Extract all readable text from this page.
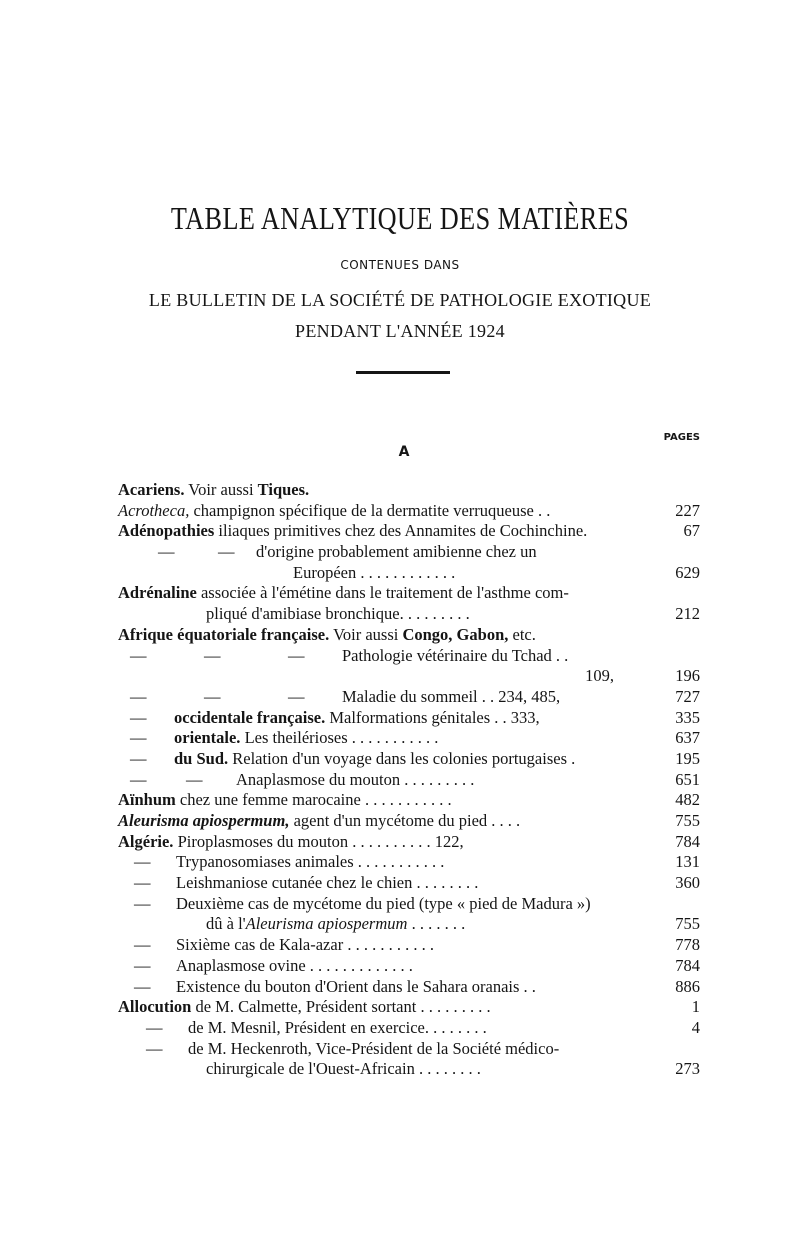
TABLE ANALYTIQUE DES MATIÈRES
CONTENUES DANS
LE BULLETIN DE LA SOCIÉTÉ DE PATHOLOGIE EXOTIQUE
PENDANT L'ANNÉE 1924
PAGES
A
Acariens. Voir aussi Tiques.
Acrotheca, champignon spécifique de la dermatite verruqueuse . .	227
Adénopathies iliaques primitives chez des Annamites de Cochinchine.	67
—	— d'origine probablement amibienne chez un
Européen . . . . . . . . . . . .	629
Adrénaline associée à l'émétine dans le traitement de l'asthme com-
pliqué d'amibiase bronchique. . . . . . . . .	212
Afrique équatoriale française. Voir aussi Congo, Gabon, etc.
—	—	— Pathologie vétérinaire du Tchad . .
109,	196
—	—	— Maladie du sommeil . . 234, 485,	727
— occidentale française. Malformations génitales . . 333,	335
— orientale. Les theilérioses . . . . . . . . . . .	637
— du Sud. Relation d'un voyage dans les colonies portugaises .	195
— — Anaplasmose du mouton . . . . . . . . .	651
Aïnhum chez une femme marocaine . . . . . . . . . . .	482
Aleurisma apiospermum, agent d'un mycétome du pied . . . .	755
Algérie. Piroplasmoses du mouton . . . . . . . . . . 122,	784
— Trypanosomiases animales . . . . . . . . . . .	131
— Leishmaniose cutanée chez le chien . . . . . . . .	360
— Deuxième cas de mycétome du pied (type « pied de Madura »)
dû à l'Aleurisma apiospermum . . . . . . .	755
— Sixième cas de Kala-azar . . . . . . . . . . .	778
— Anaplasmose ovine . . . . . . . . . . . . .	784
— Existence du bouton d'Orient dans le Sahara oranais . .	886
Allocution de M. Calmette, Président sortant . . . . . . . . .	1
— de M. Mesnil, Président en exercice. . . . . . . .	4
— de M. Heckenroth, Vice-Président de la Société médico-
chirurgicale de l'Ouest-Africain . . . . . . . .	273
